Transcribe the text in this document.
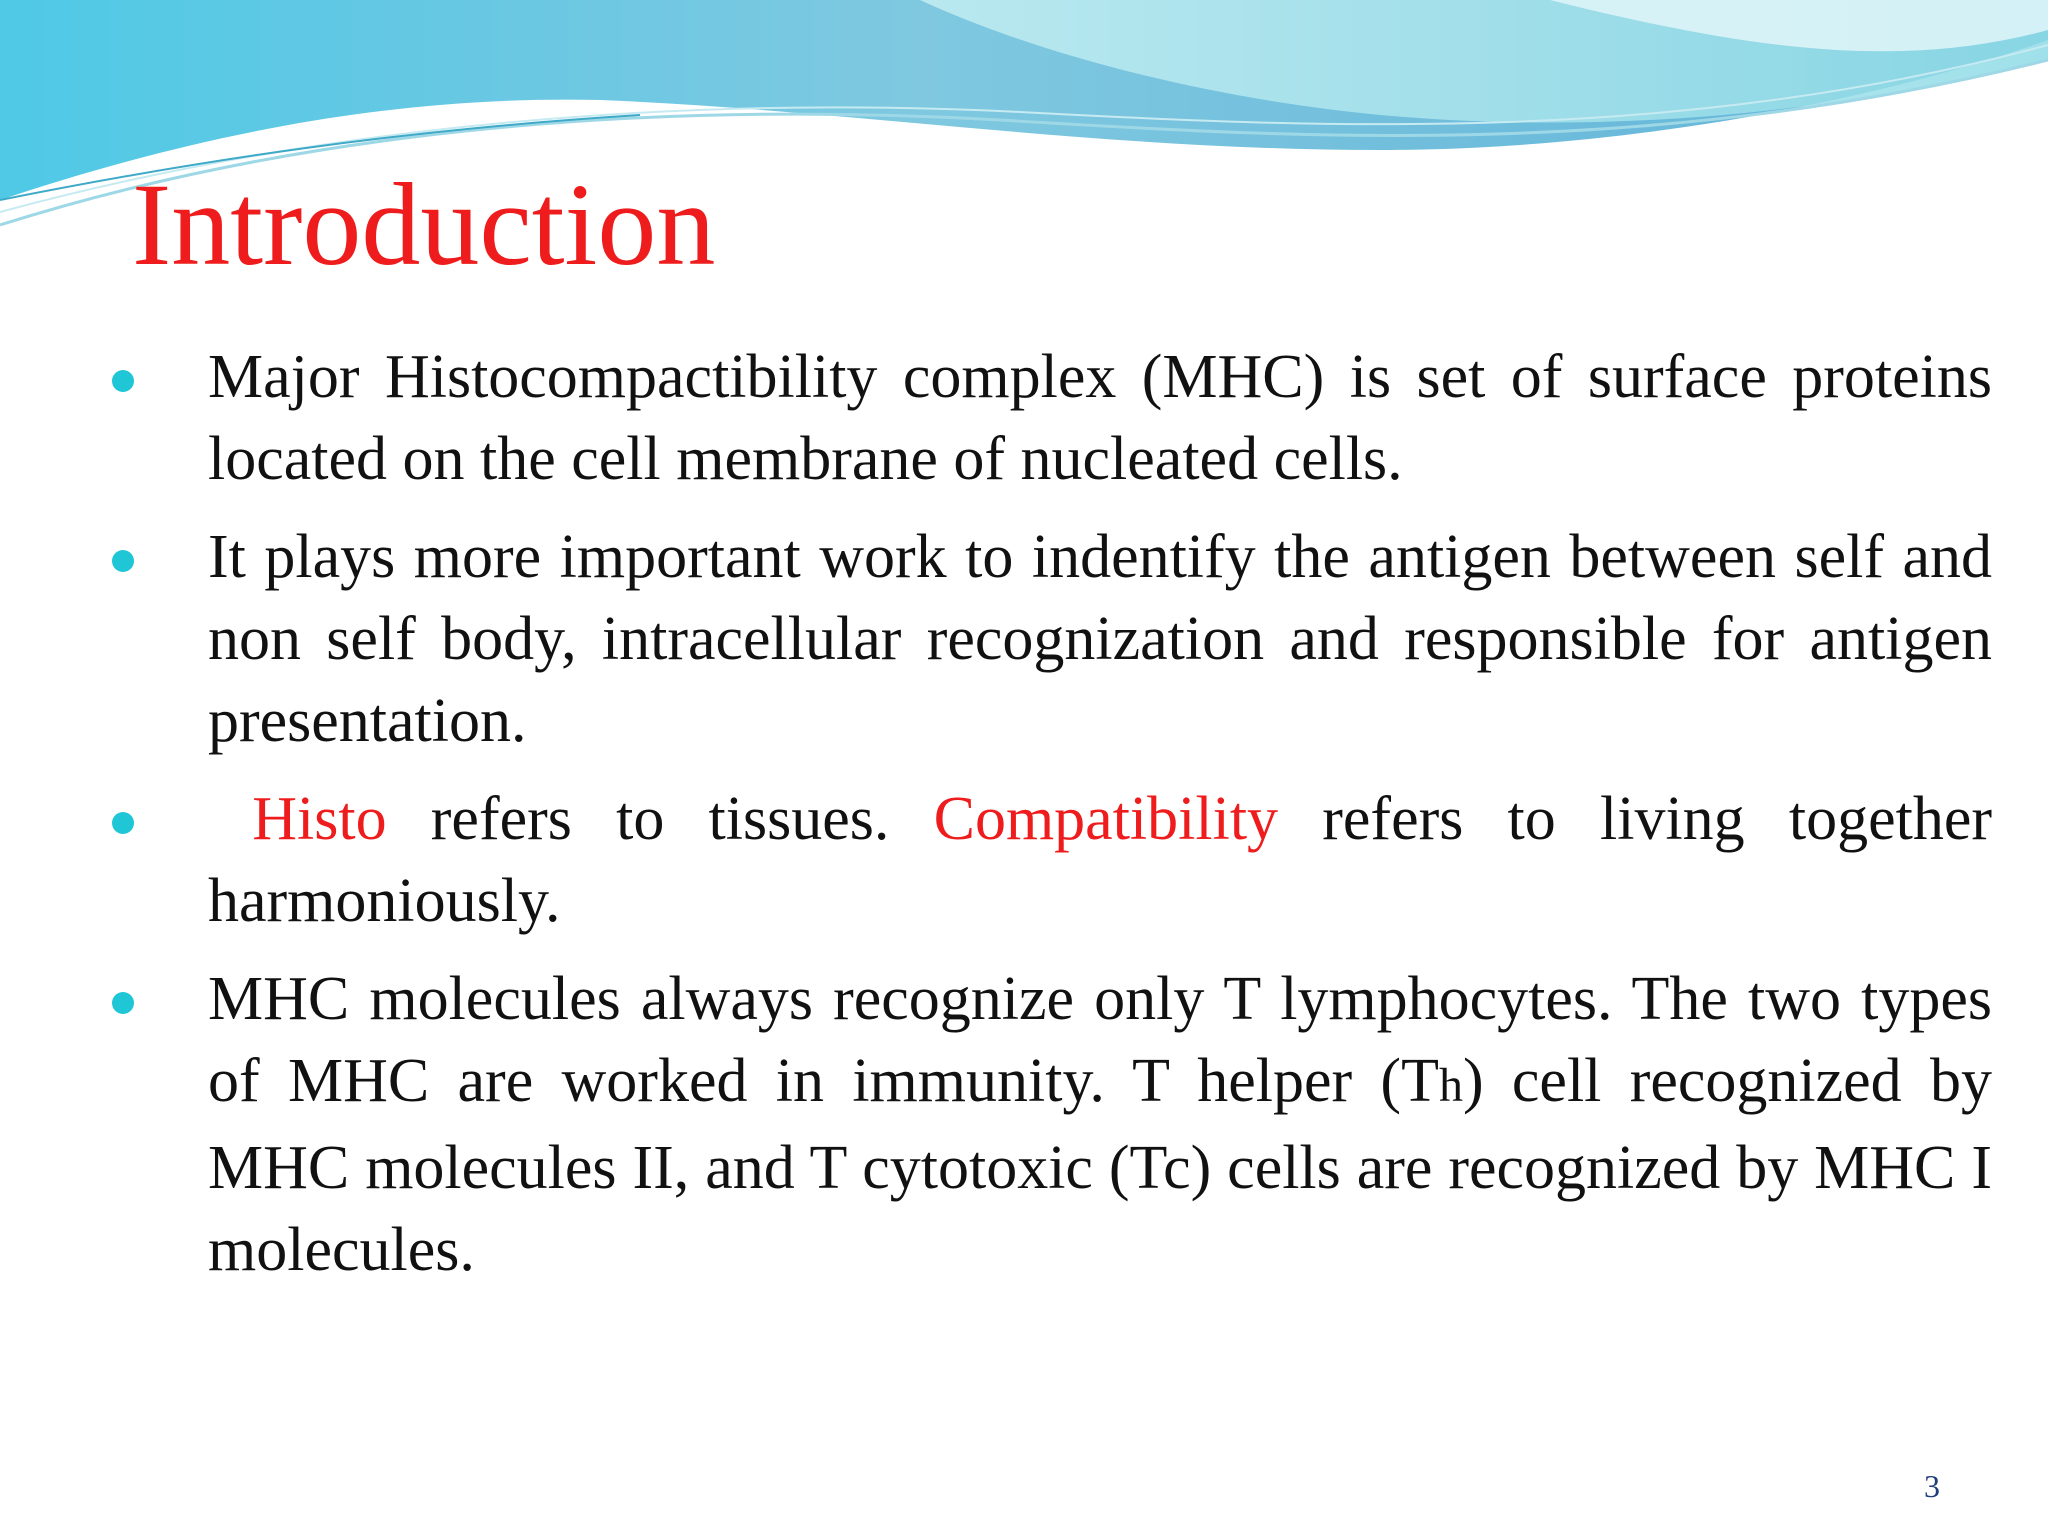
Introduction
Major Histocompactibility complex (MHC) is set of surface proteins located on the cell membrane of nucleated cells.
It plays more important work to indentify the antigen between self and non self body, intracellular recognization and responsible for antigen presentation.
Histo refers to tissues. Compatibility refers to living together harmoniously.
MHC molecules always recognize only T lymphocytes. The two types of MHC are worked in immunity. T helper (Th) cell recognized by MHC molecules II, and T cytotoxic (Tc) cells are recognized by MHC I molecules.
3
